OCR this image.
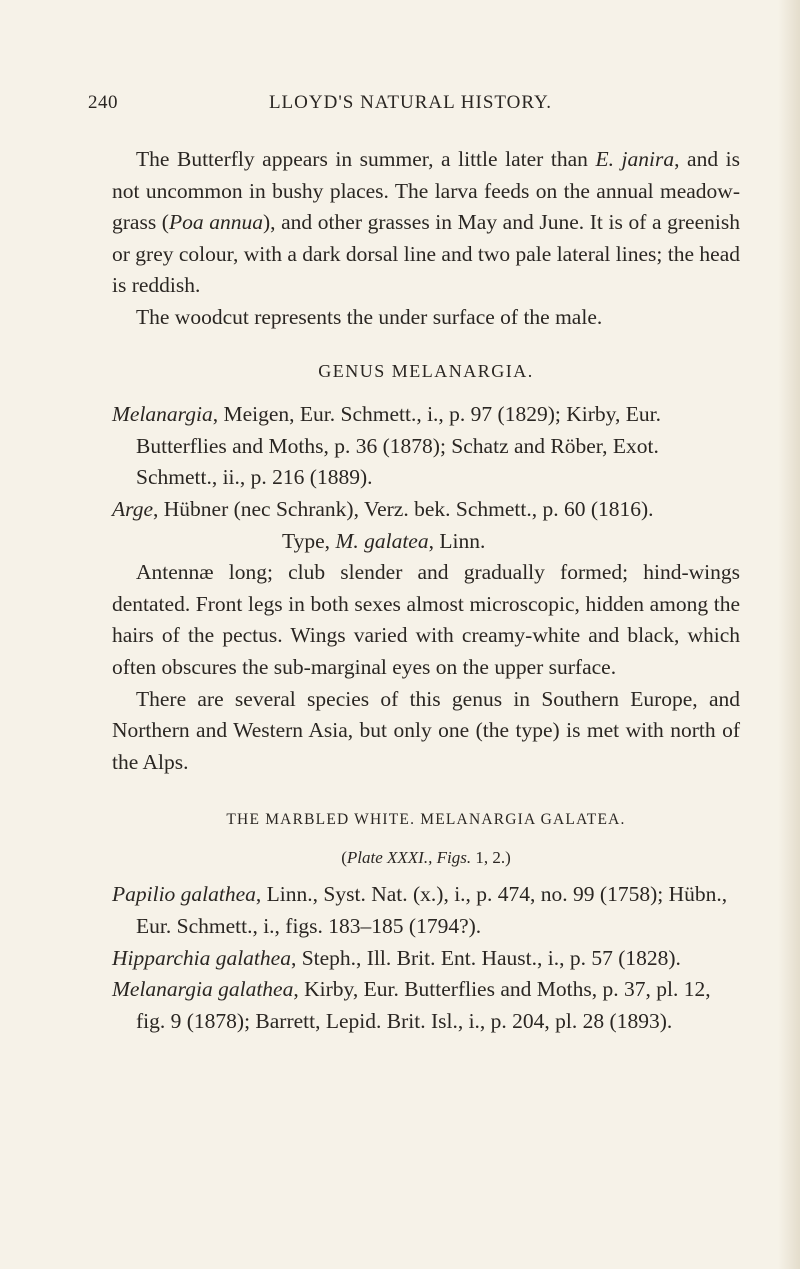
240	LLOYD'S NATURAL HISTORY.

The Butterfly appears in summer, a little later than E. janira, and is not uncommon in bushy places. The larva feeds on the annual meadow-grass (Poa annua), and other grasses in May and June. It is of a greenish or grey colour, with a dark dorsal line and two pale lateral lines; the head is reddish.

The woodcut represents the under surface of the male.

GENUS MELANARGIA.

Melanargia, Meigen, Eur. Schmett., i., p. 97 (1829); Kirby, Eur. Butterflies and Moths, p. 36 (1878); Schatz and Röber, Exot. Schmett., ii., p. 216 (1889).

Arge, Hübner (nec Schrank), Verz. bek. Schmett., p. 60 (1816).

Type, M. galatea, Linn.

Antennæ long; club slender and gradually formed; hind-wings dentated. Front legs in both sexes almost microscopic, hidden among the hairs of the pectus. Wings varied with creamy-white and black, which often obscures the sub-marginal eyes on the upper surface.

There are several species of this genus in Southern Europe, and Northern and Western Asia, but only one (the type) is met with north of the Alps.

THE MARBLED WHITE. MELANARGIA GALATEA.
(Plate XXXI., Figs. 1, 2.)

Papilio galathea, Linn., Syst. Nat. (x.), i., p. 474, no. 99 (1758); Hübn., Eur. Schmett., i., figs. 183–185 (1794?).

Hipparchia galathea, Steph., Ill. Brit. Ent. Haust., i., p. 57 (1828).

Melanargia galathea, Kirby, Eur. Butterflies and Moths, p. 37, pl. 12, fig. 9 (1878); Barrett, Lepid. Brit. Isl., i., p. 204, pl. 28 (1893).
